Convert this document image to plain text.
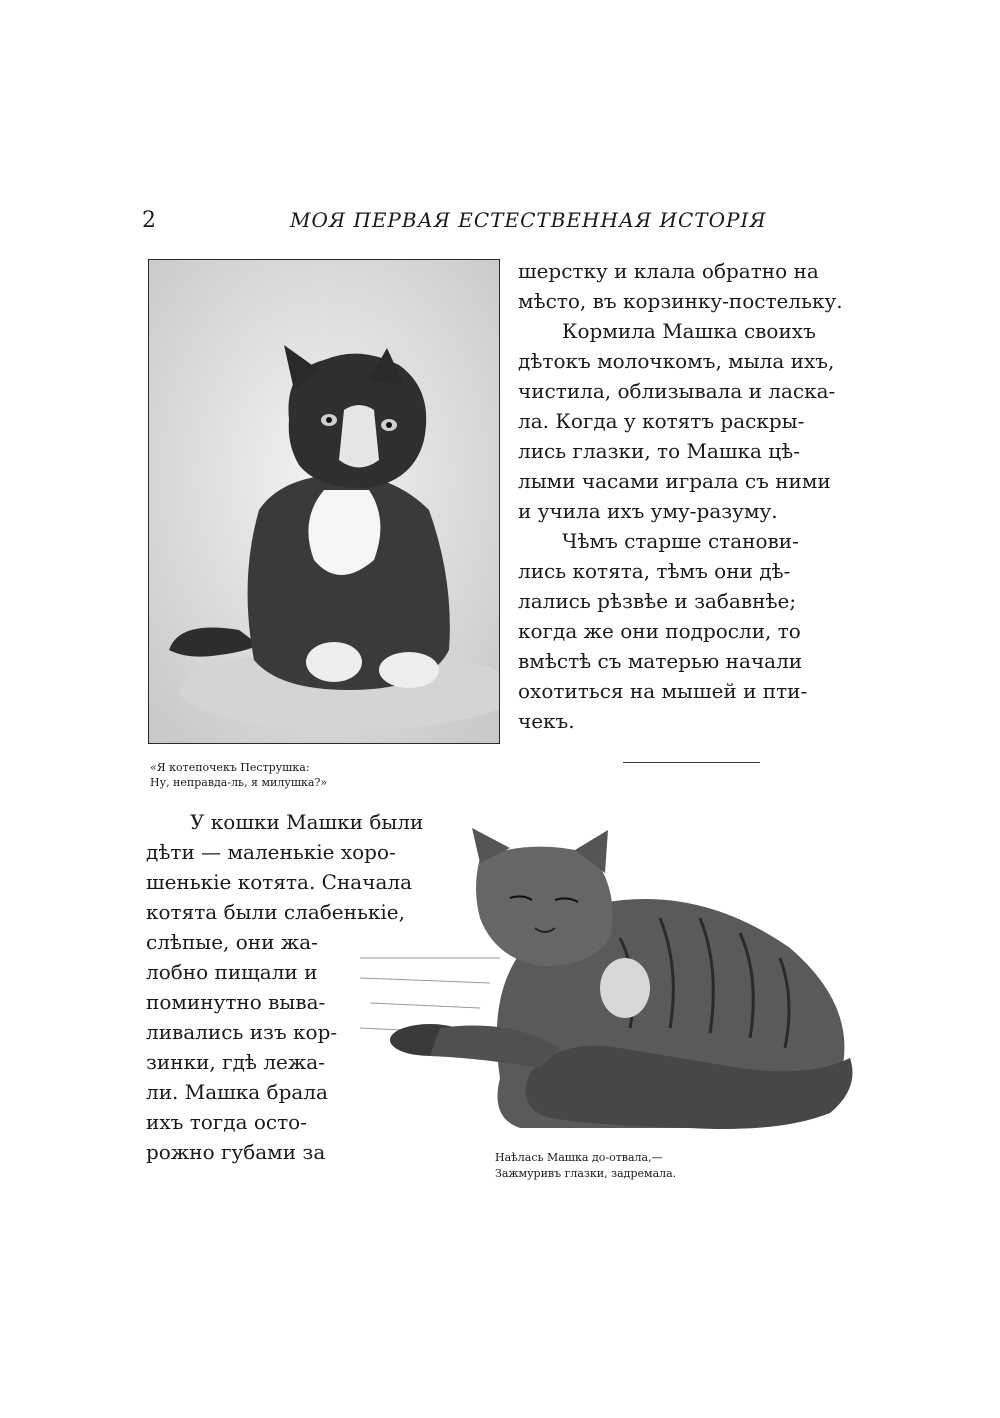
2	МОЯ ПЕРВАЯ ЕСТЕСТВЕННАЯ ИСТОРІЯ
«Я котепочекъ Пеструшка:
Ну, неправда-ль, я милушка?»

шерстку и клала обратно на
мѣсто, въ корзинку-постельку.

Кормила Машка своихъ
дѣтокъ молочкомъ, мыла ихъ,
чистила, облизывала и ласка-
ла. Когда у котятъ раскры-
лись глазки, то Машка цѣ-
лыми часами играла съ ними
и учила ихъ уму-разуму.

Чѣмъ старше станови-
лись котята, тѣмъ они дѣ-
лались рѣзвѣе и забавнѣе;
когда же они подросли, то
вмѣстѣ съ матерью начали
охотиться на мышей и пти-
чекъ.

У кошки Машки были
дѣти — маленькіе хоро-
шенькіе котята. Сначала
котята были слабенькіе,
слѣпые, они жа-
лобно пищали и
поминутно выва-
ливались изъ кор-
зинки, гдѣ лежа-
ли. Машка брала
ихъ тогда осто-
рожно губами за	Наѣлась Машка до-отвала,—
Зажмуривъ глазки, задремала.
